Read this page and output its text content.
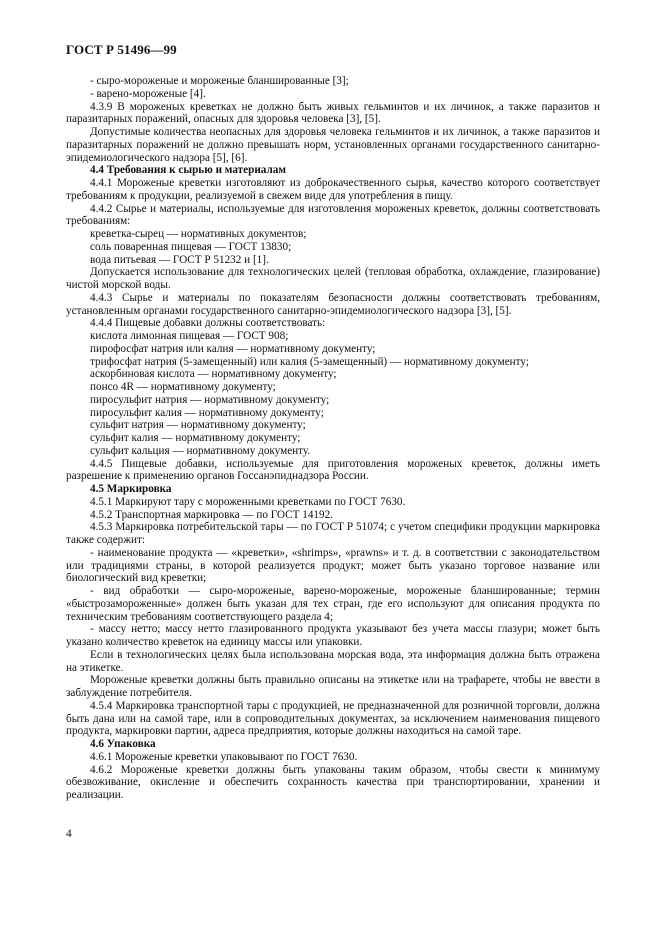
ГОСТ Р 51496—99

- сыро-мороженые и мороженые бланшированные [3];

- варено-мороженые [4].

4.3.9 В мороженых креветках не должно быть живых гельминтов и их личинок, а также паразитов и паразитарных поражений, опасных для здоровья человека [3], [5].

Допустимые количества неопасных для здоровья человека гельминтов и их личинок, а также паразитов и паразитарных поражений не должно превышать норм, установленных органами государственного санитарно-эпидемиологического надзора [5], [6].

4.4 Требования к сырью и материалам

4.4.1 Мороженые креветки изготовляют из доброкачественного сырья, качество которого соответствует требованиям к продукции, реализуемой в свежем виде для употребления в пищу.

4.4.2 Сырье и материалы, используемые для изготовления мороженых креветок, должны соответствовать требованиям:

креветка-сырец — нормативных документов;

соль поваренная пищевая — ГОСТ 13830;

вода питьевая — ГОСТ Р 51232 и [1].

Допускается использование для технологических целей (тепловая обработка, охлаждение, глазирование) чистой морской воды.

4.4.3 Сырье и материалы по показателям безопасности должны соответствовать требованиям, установленным органами государственного санитарно-эпидемиологического надзора [3], [5].

4.4.4 Пищевые добавки должны соответствовать:

кислота лимонная пищевая — ГОСТ 908;

пирофосфат натрия или калия — нормативному документу;

трифосфат натрия (5-замещенный) или калия (5-замещенный) — нормативному документу;

аскорбиновая кислота — нормативному документу;

понсо 4R — нормативному документу;

пиросульфит натрия — нормативному документу;

пиросульфит калия — нормативному документу;

сульфит натрия — нормативному документу;

сульфит калия — нормативному документу;

сульфит кальция — нормативному документу.

4.4.5 Пищевые добавки, используемые для приготовления мороженых креветок, должны иметь разрешение к применению органов Госсанэпиднадзора России.

4.5 Маркировка

4.5.1 Маркируют тару с мороженными креветками по ГОСТ 7630.

4.5.2 Транспортная маркировка — по ГОСТ 14192.

4.5.3 Маркировка потребительской тары — по ГОСТ Р 51074; с учетом специфики продукции маркировка также содержит:

- наименование продукта — «креветки», «shrimps», «prawns» и т. д. в соответствии с законодательством или традициями страны, в которой реализуется продукт; может быть указано торговое название или биологический вид креветки;

- вид обработки — сыро-мороженые, варено-мороженые, мороженые бланшированные; термин «быстрозамороженные» должен быть указан для тех стран, где его используют для описания продукта по техническим требованиям соответствующего раздела 4;

- массу нетто; массу нетто глазированного продукта указывают без учета массы глазури; может быть указано количество креветок на единицу массы или упаковки.

Если в технологических целях была использована морская вода, эта информация должна быть отражена на этикетке.

Мороженые креветки должны быть правильно описаны на этикетке или на трафарете, чтобы не ввести в заблуждение потребителя.

4.5.4 Маркировка транспортной тары с продукцией, не предназначенной для розничной торговли, должна быть дана или на самой таре, или в сопроводительных документах, за исключением наименования пищевого продукта, маркировки партии, адреса предприятия, которые должны находиться на самой таре.

4.6 Упаковка

4.6.1 Мороженые креветки упаковывают по ГОСТ 7630.

4.6.2 Мороженые креветки должны быть упакованы таким образом, чтобы свести к минимуму обезвоживание, окисление и обеспечить сохранность качества при транспортировании, хранении и реализации.

4
